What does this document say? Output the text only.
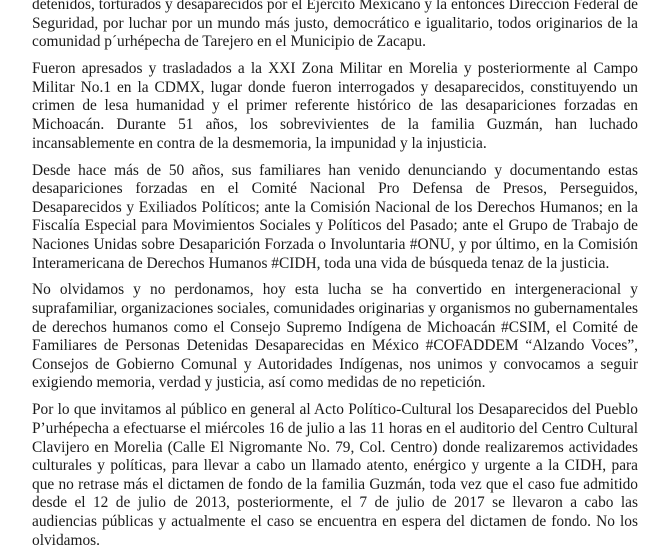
detenidos, torturados y desaparecidos por el Ejército Mexicano y la entonces Dirección Federal de Seguridad, por luchar por un mundo más justo, democrático e igualitario, todos originarios de la comunidad p´urhépecha de Tarejero en el Municipio de Zacapu.

Fueron apresados y trasladados a la XXI Zona Militar en Morelia y posteriormente al Campo Militar No.1 en la CDMX, lugar donde fueron interrogados y desaparecidos, constituyendo un crimen de lesa humanidad y el primer referente histórico de las desapariciones forzadas en Michoacán. Durante 51 años, los sobrevivientes de la familia Guzmán, han luchado incansablemente en contra de la desmemoria, la impunidad y la injusticia.

Desde hace más de 50 años, sus familiares han venido denunciando y documentando estas desapariciones forzadas en el Comité Nacional Pro Defensa de Presos, Perseguidos, Desaparecidos y Exiliados Políticos; ante la Comisión Nacional de los Derechos Humanos; en la Fiscalía Especial para Movimientos Sociales y Políticos del Pasado; ante el Grupo de Trabajo de Naciones Unidas sobre Desaparición Forzada o Involuntaria #ONU, y por último, en la Comisión Interamericana de Derechos Humanos #CIDH, toda una vida de búsqueda tenaz de la justicia.

No olvidamos y no perdonamos, hoy esta lucha se ha convertido en intergeneracional y suprafamiliar, organizaciones sociales, comunidades originarias y organismos no gubernamentales de derechos humanos como el Consejo Supremo Indígena de Michoacán #CSIM, el Comité de Familiares de Personas Detenidas Desaparecidas en México #COFADDEM “Alzando Voces”, Consejos de Gobierno Comunal y Autoridades Indígenas, nos unimos y convocamos a seguir exigiendo memoria, verdad y justicia, así como medidas de no repetición.

Por lo que invitamos al público en general al Acto Político-Cultural los Desaparecidos del Pueblo P’urhépecha a efectuarse el miércoles 16 de julio a las 11 horas en el auditorio del Centro Cultural Clavijero en Morelia (Calle El Nigromante No. 79, Col. Centro) donde realizaremos actividades culturales y políticas, para llevar a cabo un llamado atento, enérgico y urgente a la CIDH, para que no retrase más el dictamen de fondo de la familia Guzmán, toda vez que el caso fue admitido desde el 12 de julio de 2013, posteriormente, el 7 de julio de 2017 se llevaron a cabo las audiencias públicas y actualmente el caso se encuentra en espera del dictamen de fondo. No los olvidamos.
